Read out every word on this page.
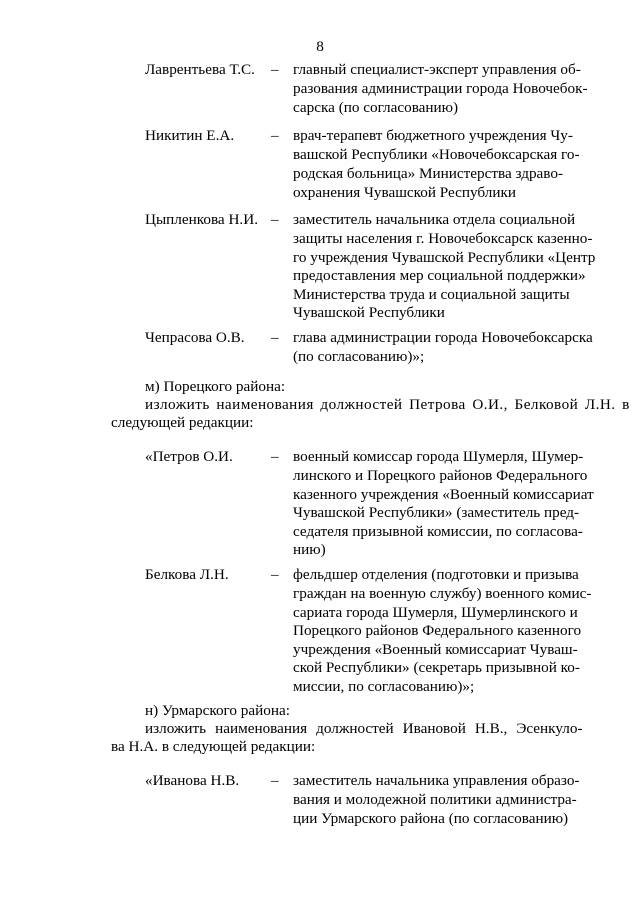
8
Лаврентьева Т.С. – главный специалист-эксперт управления об-
разования администрации города Новочебок-
сарска (по согласованию)
Никитин Е.А. – врач-терапевт бюджетного учреждения Чу-
вашской Республики «Новочебоксарская го-
родская больница» Министерства здраво-
охранения Чувашской Республики
Цыпленкова Н.И. – заместитель начальника отдела социальной
защиты населения г. Новочебоксарск казенно-
го учреждения Чувашской Республики «Центр
предоставления мер социальной поддержки»
Министерства труда и социальной защиты
Чувашской Республики
Чепрасова О.В. – глава администрации города Новочебоксарска
(по согласованию)»;
м) Порецкого района:
изложить наименования должностей Петрова О.И., Белковой Л.Н. в
следующей редакции:
«Петров О.И.	– военный комиссар города Шумерля, Шумер-
линского и Порецкого районов Федерального
казенного учреждения «Военный комиссариат
Чувашской Республики» (заместитель пред-
седателя призывной комиссии, по согласова-
нию)
Белкова Л.Н.	– фельдшер отделения (подготовки и призыва
граждан на военную службу) военного комис-
сариата города Шумерля, Шумерлинского и
Порецкого районов Федерального казенного
учреждения «Военный комиссариат Чуваш-
ской Республики» (секретарь призывной ко-
миссии, по согласованию)»;
н) Урмарского района:
изложить наименования должностей Ивановой Н.В., Эсенкуло-
ва Н.А. в следующей редакции:
«Иванова Н.В. – заместитель начальника управления образо-
вания и молодежной политики администра-
ции Урмарского района (по согласованию)
